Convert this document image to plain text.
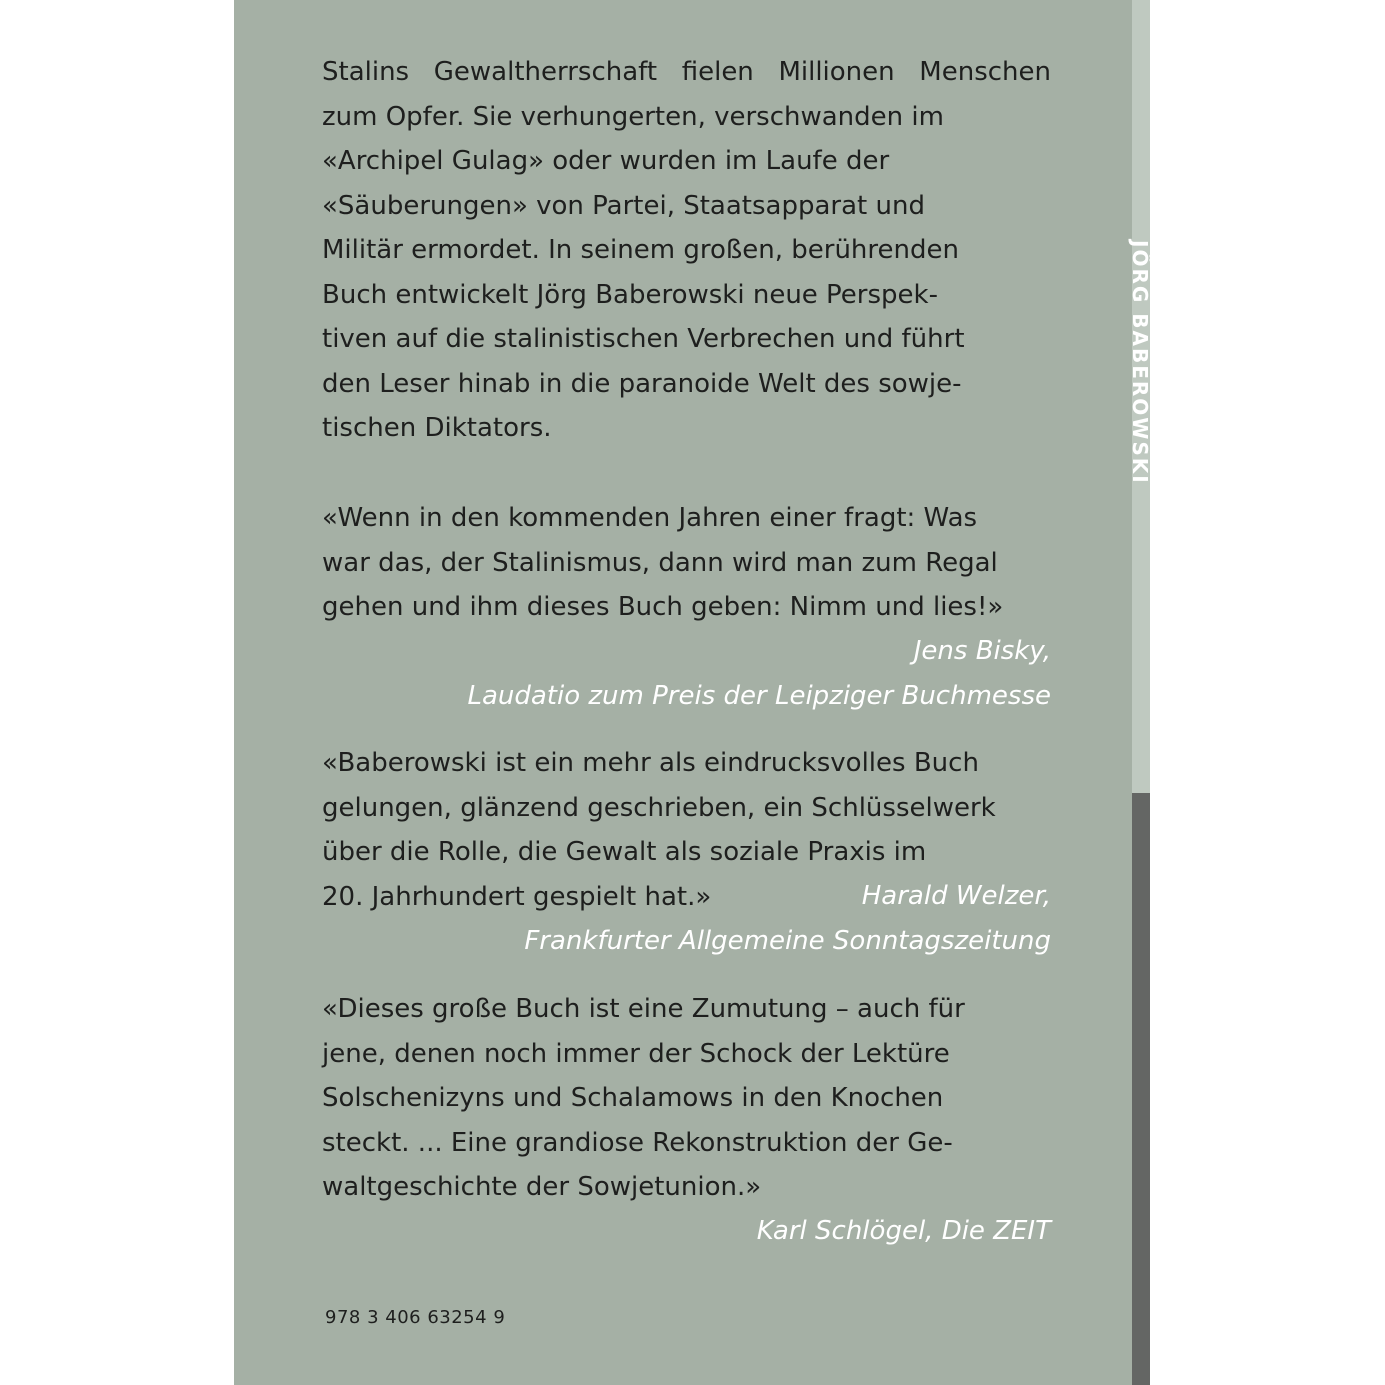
JÖRG BABEROWSKI
Stalins Gewaltherrschaft fielen Millionen Menschen
zum Opfer. Sie verhungerten, verschwanden im
«Archipel Gulag» oder wurden im Laufe der
«Säuberungen» von Partei, Staatsapparat und
Militär ermordet. In seinem großen, berührenden
Buch entwickelt Jörg Baberowski neue Perspek-
tiven auf die stalinistischen Verbrechen und führt
den Leser hinab in die paranoide Welt des sowje-
tischen Diktators.
«Wenn in den kommenden Jahren einer fragt: Was
war das, der Stalinismus, dann wird man zum Regal
gehen und ihm dieses Buch geben: Nimm und lies!»
Jens Bisky,
Laudatio zum Preis der Leipziger Buchmesse
«Baberowski ist ein mehr als eindrucksvolles Buch
gelungen, glänzend geschrieben, ein Schlüsselwerk
über die Rolle, die Gewalt als soziale Praxis im
20. Jahrhundert gespielt hat.»	Harald Welzer,
Frankfurter Allgemeine Sonntagszeitung
«Dieses große Buch ist eine Zumutung – auch für
jene, denen noch immer der Schock der Lektüre
Solschenizyns und Schalamows in den Knochen
steckt. ... Eine grandiose Rekonstruktion der Ge-
waltgeschichte der Sowjetunion.»
Karl Schlögel, Die ZEIT
978 3 406 63254 9
